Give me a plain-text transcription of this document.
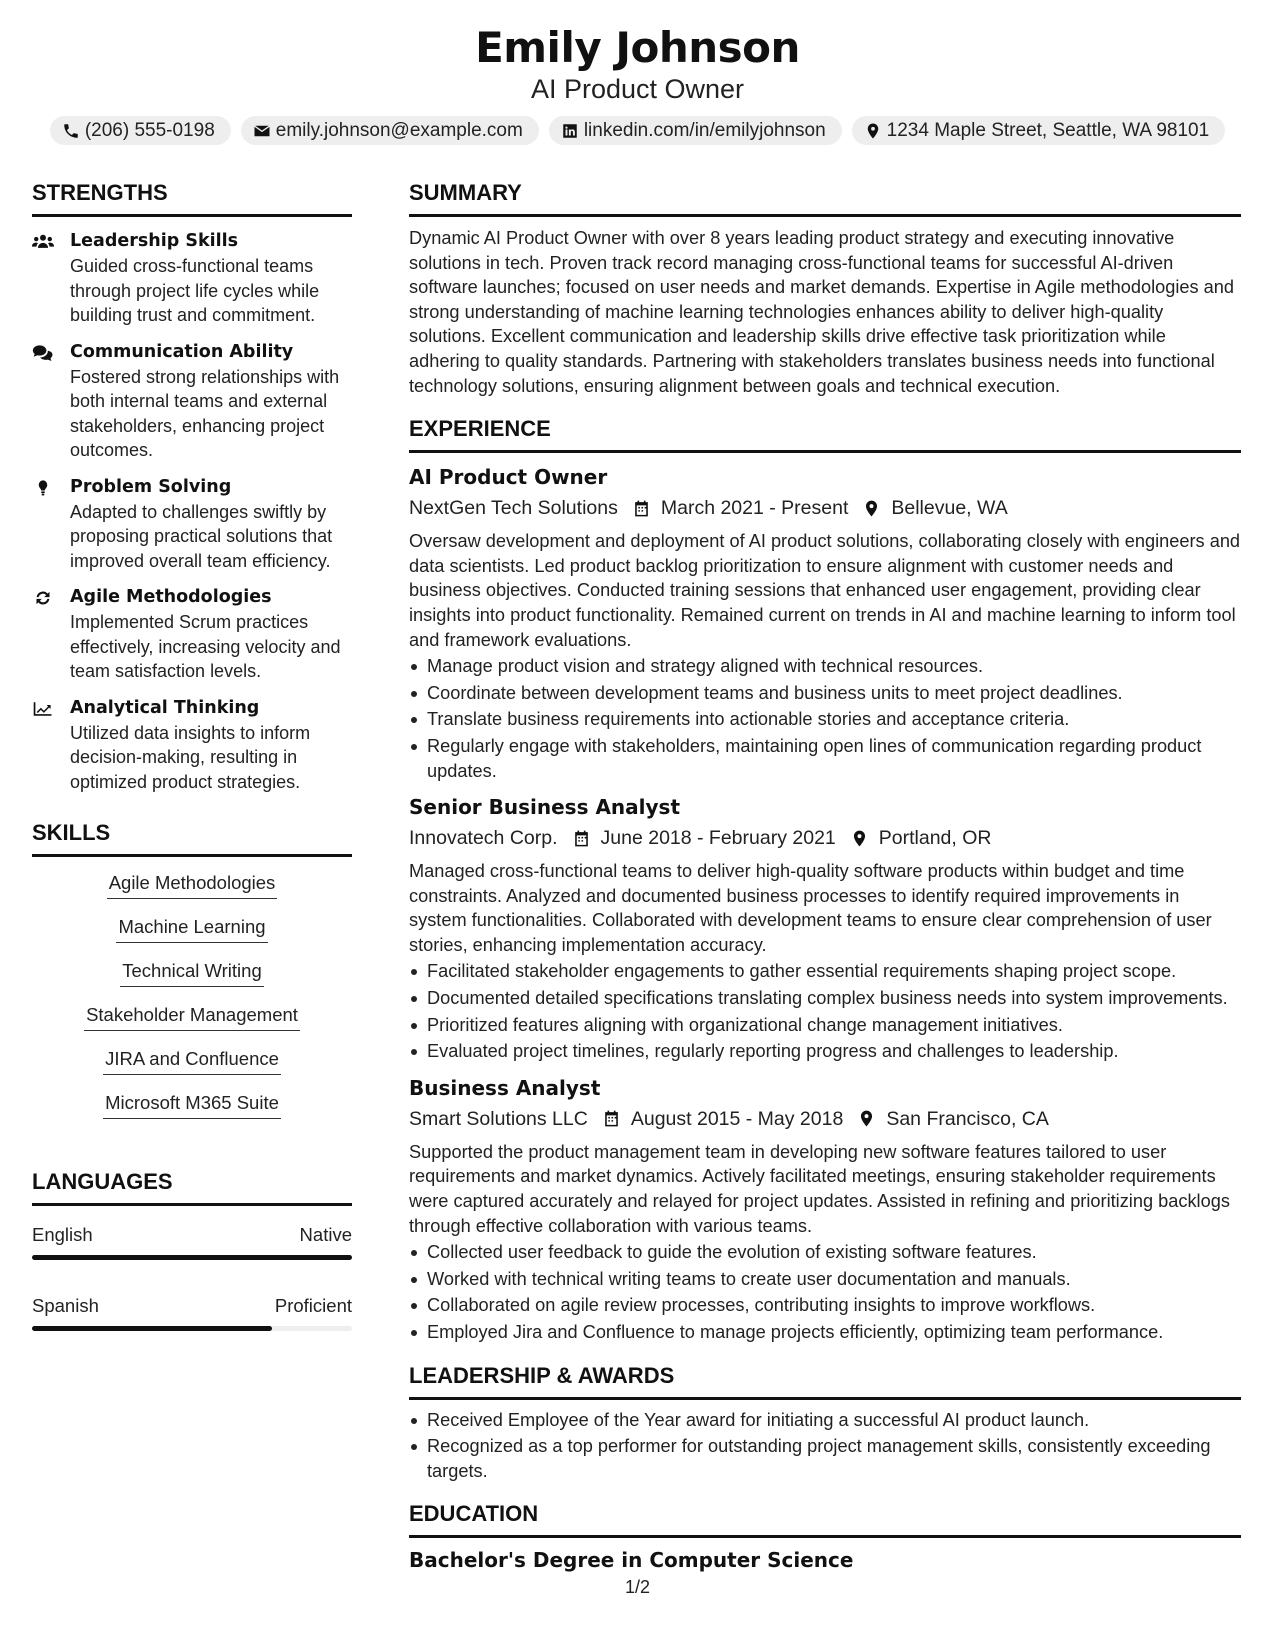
Emily Johnson
AI Product Owner
(206) 555-0198	emily.johnson@example.com	linkedin.com/in/emilyjohnson	1234 Maple Street, Seattle, WA 98101
STRENGTHS
Leadership Skills
Guided cross-functional teams through project life cycles while building trust and commitment.
Communication Ability
Fostered strong relationships with both internal teams and external stakeholders, enhancing project outcomes.
Problem Solving
Adapted to challenges swiftly by proposing practical solutions that improved overall team efficiency.
Agile Methodologies
Implemented Scrum practices effectively, increasing velocity and team satisfaction levels.
Analytical Thinking
Utilized data insights to inform decision-making, resulting in optimized product strategies.
SKILLS
Agile Methodologies
Machine Learning
Technical Writing
Stakeholder Management
JIRA and Confluence
Microsoft M365 Suite
LANGUAGES
English	Native
Spanish	Proficient
SUMMARY
Dynamic AI Product Owner with over 8 years leading product strategy and executing innovative solutions in tech. Proven track record managing cross-functional teams for successful AI-driven software launches; focused on user needs and market demands. Expertise in Agile methodologies and strong understanding of machine learning technologies enhances ability to deliver high-quality solutions. Excellent communication and leadership skills drive effective task prioritization while adhering to quality standards. Partnering with stakeholders translates business needs into functional technology solutions, ensuring alignment between goals and technical execution.
EXPERIENCE
AI Product Owner
NextGen Tech Solutions March 2021 - Present Bellevue, WA
Oversaw development and deployment of AI product solutions, collaborating closely with engineers and data scientists. Led product backlog prioritization to ensure alignment with customer needs and business objectives. Conducted training sessions that enhanced user engagement, providing clear insights into product functionality. Remained current on trends in AI and machine learning to inform tool and framework evaluations.
Manage product vision and strategy aligned with technical resources.
Coordinate between development teams and business units to meet project deadlines.
Translate business requirements into actionable stories and acceptance criteria.
Regularly engage with stakeholders, maintaining open lines of communication regarding product updates.
Senior Business Analyst
Innovatech Corp. June 2018 - February 2021 Portland, OR
Managed cross-functional teams to deliver high-quality software products within budget and time constraints. Analyzed and documented business processes to identify required improvements in system functionalities. Collaborated with development teams to ensure clear comprehension of user stories, enhancing implementation accuracy.
Facilitated stakeholder engagements to gather essential requirements shaping project scope.
Documented detailed specifications translating complex business needs into system improvements.
Prioritized features aligning with organizational change management initiatives.
Evaluated project timelines, regularly reporting progress and challenges to leadership.
Business Analyst
Smart Solutions LLC August 2015 - May 2018 San Francisco, CA
Supported the product management team in developing new software features tailored to user requirements and market dynamics. Actively facilitated meetings, ensuring stakeholder requirements were captured accurately and relayed for project updates. Assisted in refining and prioritizing backlogs through effective collaboration with various teams.
Collected user feedback to guide the evolution of existing software features.
Worked with technical writing teams to create user documentation and manuals.
Collaborated on agile review processes, contributing insights to improve workflows.
Employed Jira and Confluence to manage projects efficiently, optimizing team performance.
LEADERSHIP & AWARDS
Received Employee of the Year award for initiating a successful AI product launch.
Recognized as a top performer for outstanding project management skills, consistently exceeding targets.
EDUCATION
Bachelor's Degree in Computer Science
1/2
